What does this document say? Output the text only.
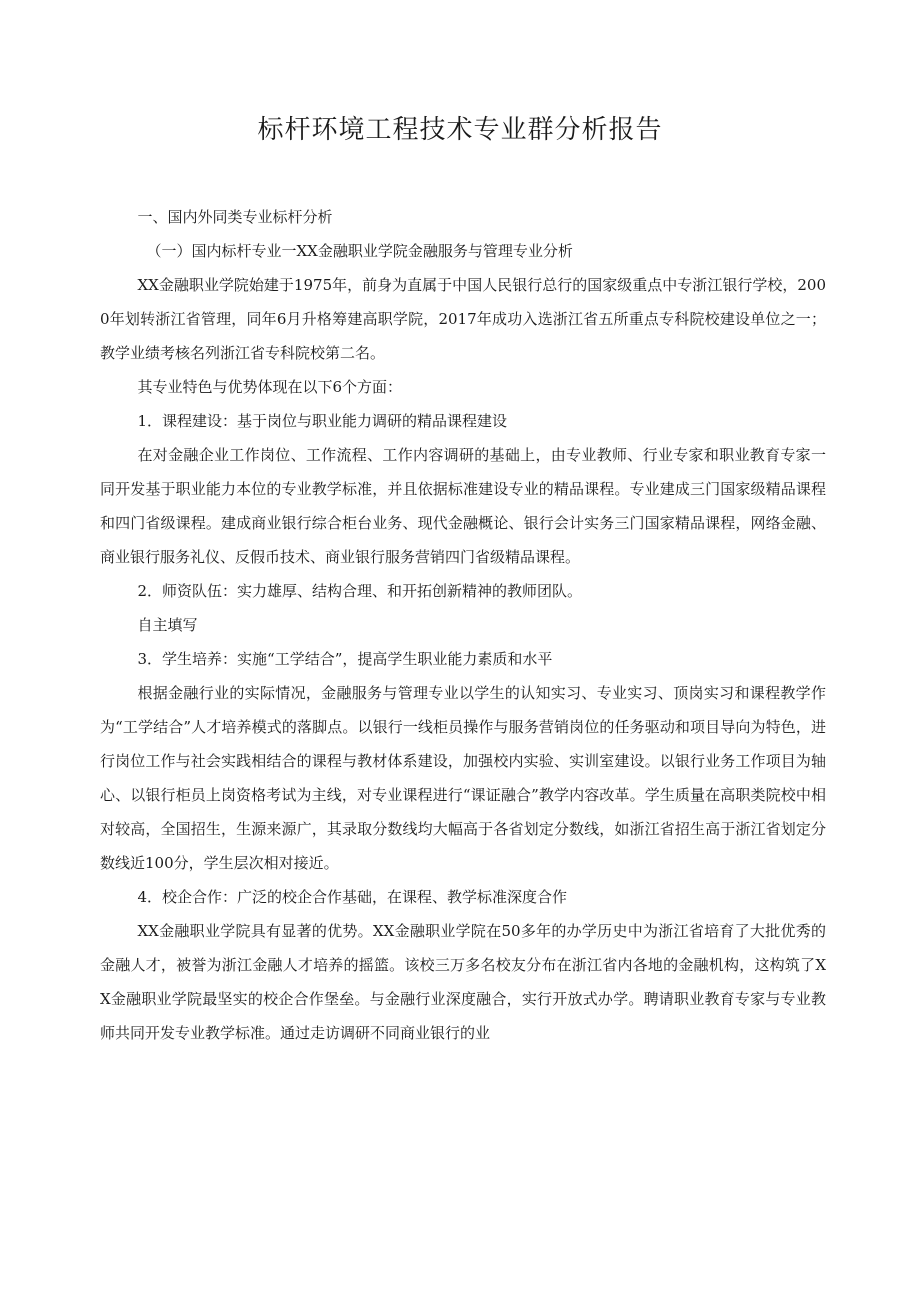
标杆环境工程技术专业群分析报告

一、国内外同类专业标杆分析

（一）国内标杆专业一XX金融职业学院金融服务与管理专业分析

XX金融职业学院始建于1975年，前身为直属于中国人民银行总行的国家级重点中专浙江银行学校，2000年划转浙江省管理，同年6月升格筹建高职学院，2017年成功入选浙江省五所重点专科院校建设单位之一；教学业绩考核名列浙江省专科院校第二名。

其专业特色与优势体现在以下6个方面：

1．课程建设：基于岗位与职业能力调研的精品课程建设

在对金融企业工作岗位、工作流程、工作内容调研的基础上，由专业教师、行业专家和职业教育专家一同开发基于职业能力本位的专业教学标准，并且依据标准建设专业的精品课程。专业建成三门国家级精品课程和四门省级课程。建成商业银行综合柜台业务、现代金融概论、银行会计实务三门国家精品课程，网络金融、商业银行服务礼仪、反假币技术、商业银行服务营销四门省级精品课程。

2．师资队伍：实力雄厚、结构合理、和开拓创新精神的教师团队。

自主填写

3．学生培养：实施“工学结合”，提高学生职业能力素质和水平

根据金融行业的实际情况，金融服务与管理专业以学生的认知实习、专业实习、顶岗实习和课程教学作为“工学结合”人才培养模式的落脚点。以银行一线柜员操作与服务营销岗位的任务驱动和项目导向为特色，进行岗位工作与社会实践相结合的课程与教材体系建设，加强校内实验、实训室建设。以银行业务工作项目为轴心、以银行柜员上岗资格考试为主线，对专业课程进行“课证融合”教学内容改革。学生质量在高职类院校中相对较高，全国招生，生源来源广，其录取分数线均大幅高于各省划定分数线，如浙江省招生高于浙江省划定分数线近100分，学生层次相对接近。

4．校企合作：广泛的校企合作基础，在课程、教学标准深度合作

XX金融职业学院具有显著的优势。XX金融职业学院在50多年的办学历史中为浙江省培育了大批优秀的金融人才，被誉为浙江金融人才培养的摇篮。该校三万多名校友分布在浙江省内各地的金融机构，这构筑了XX金融职业学院最坚实的校企合作堡垒。与金融行业深度融合，实行开放式办学。聘请职业教育专家与专业教师共同开发专业教学标准。通过走访调研不同商业银行的业
